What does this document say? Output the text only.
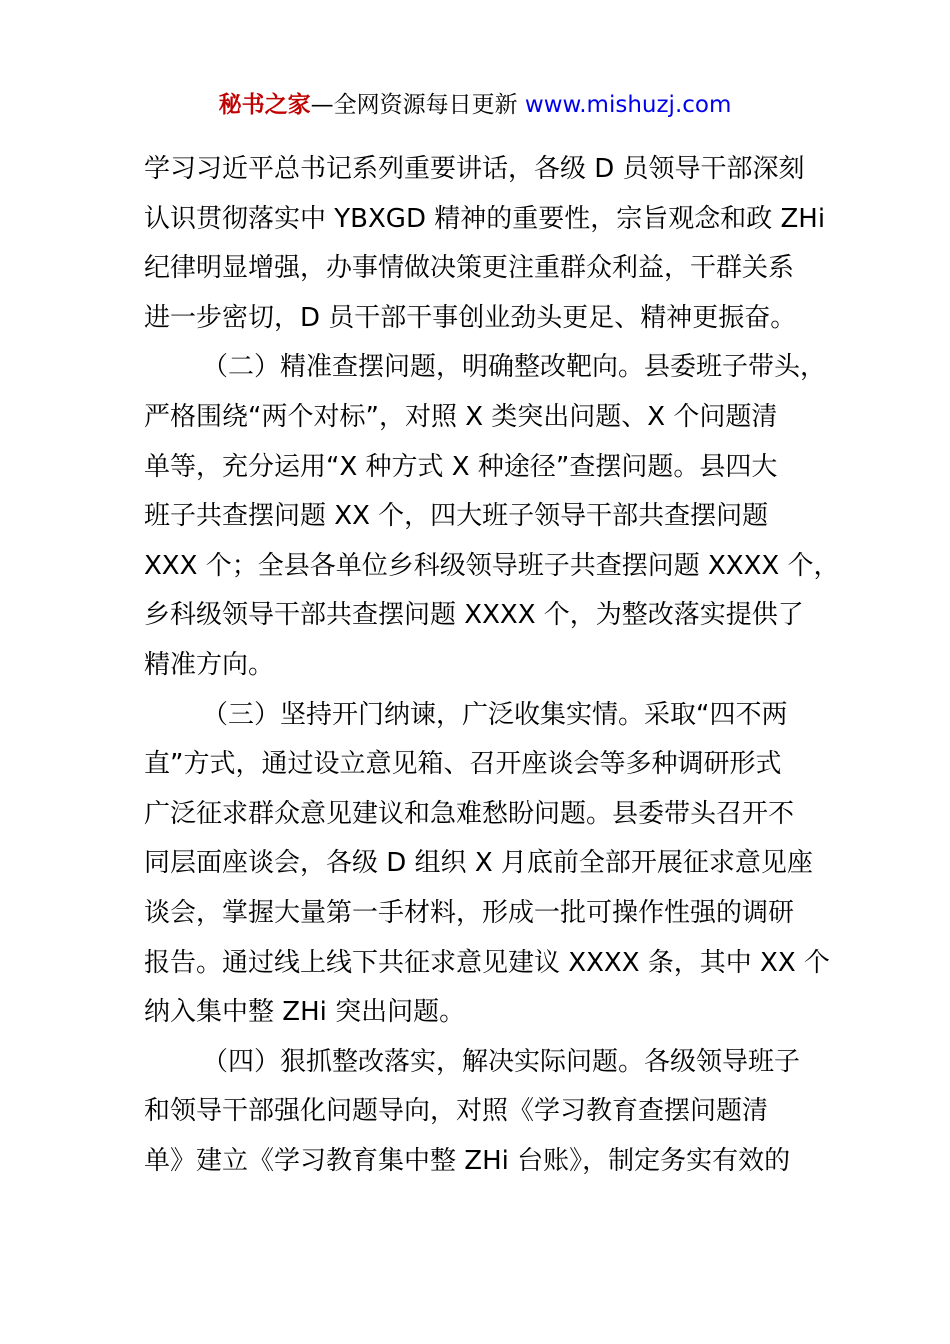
秘书之家—全网资源每日更新 www.mishuzj.com
学习习近平总书记系列重要讲话，各级 D 员领导干部深刻
认识贯彻落实中 YBXGD 精神的重要性，宗旨观念和政 ZHi
纪律明显增强，办事情做决策更注重群众利益，干群关系
进一步密切，D 员干部干事创业劲头更足、精神更振奋。
（二）精准查摆问题，明确整改靶向。县委班子带头，
严格围绕“两个对标”，对照 X 类突出问题、X 个问题清
单等，充分运用“X 种方式 X 种途径”查摆问题。县四大
班子共查摆问题 XX 个，四大班子领导干部共查摆问题
XXX 个；全县各单位乡科级领导班子共查摆问题 XXXX 个，
乡科级领导干部共查摆问题 XXXX 个，为整改落实提供了
精准方向。
（三）坚持开门纳谏，广泛收集实情。采取“四不两
直”方式，通过设立意见箱、召开座谈会等多种调研形式
广泛征求群众意见建议和急难愁盼问题。县委带头召开不
同层面座谈会，各级 D 组织 X 月底前全部开展征求意见座
谈会，掌握大量第一手材料，形成一批可操作性强的调研
报告。通过线上线下共征求意见建议 XXXX 条，其中 XX 个
纳入集中整 ZHi 突出问题。
（四）狠抓整改落实，解决实际问题。各级领导班子
和领导干部强化问题导向，对照《学习教育查摆问题清
单》建立《学习教育集中整 ZHi 台账》，制定务实有效的
